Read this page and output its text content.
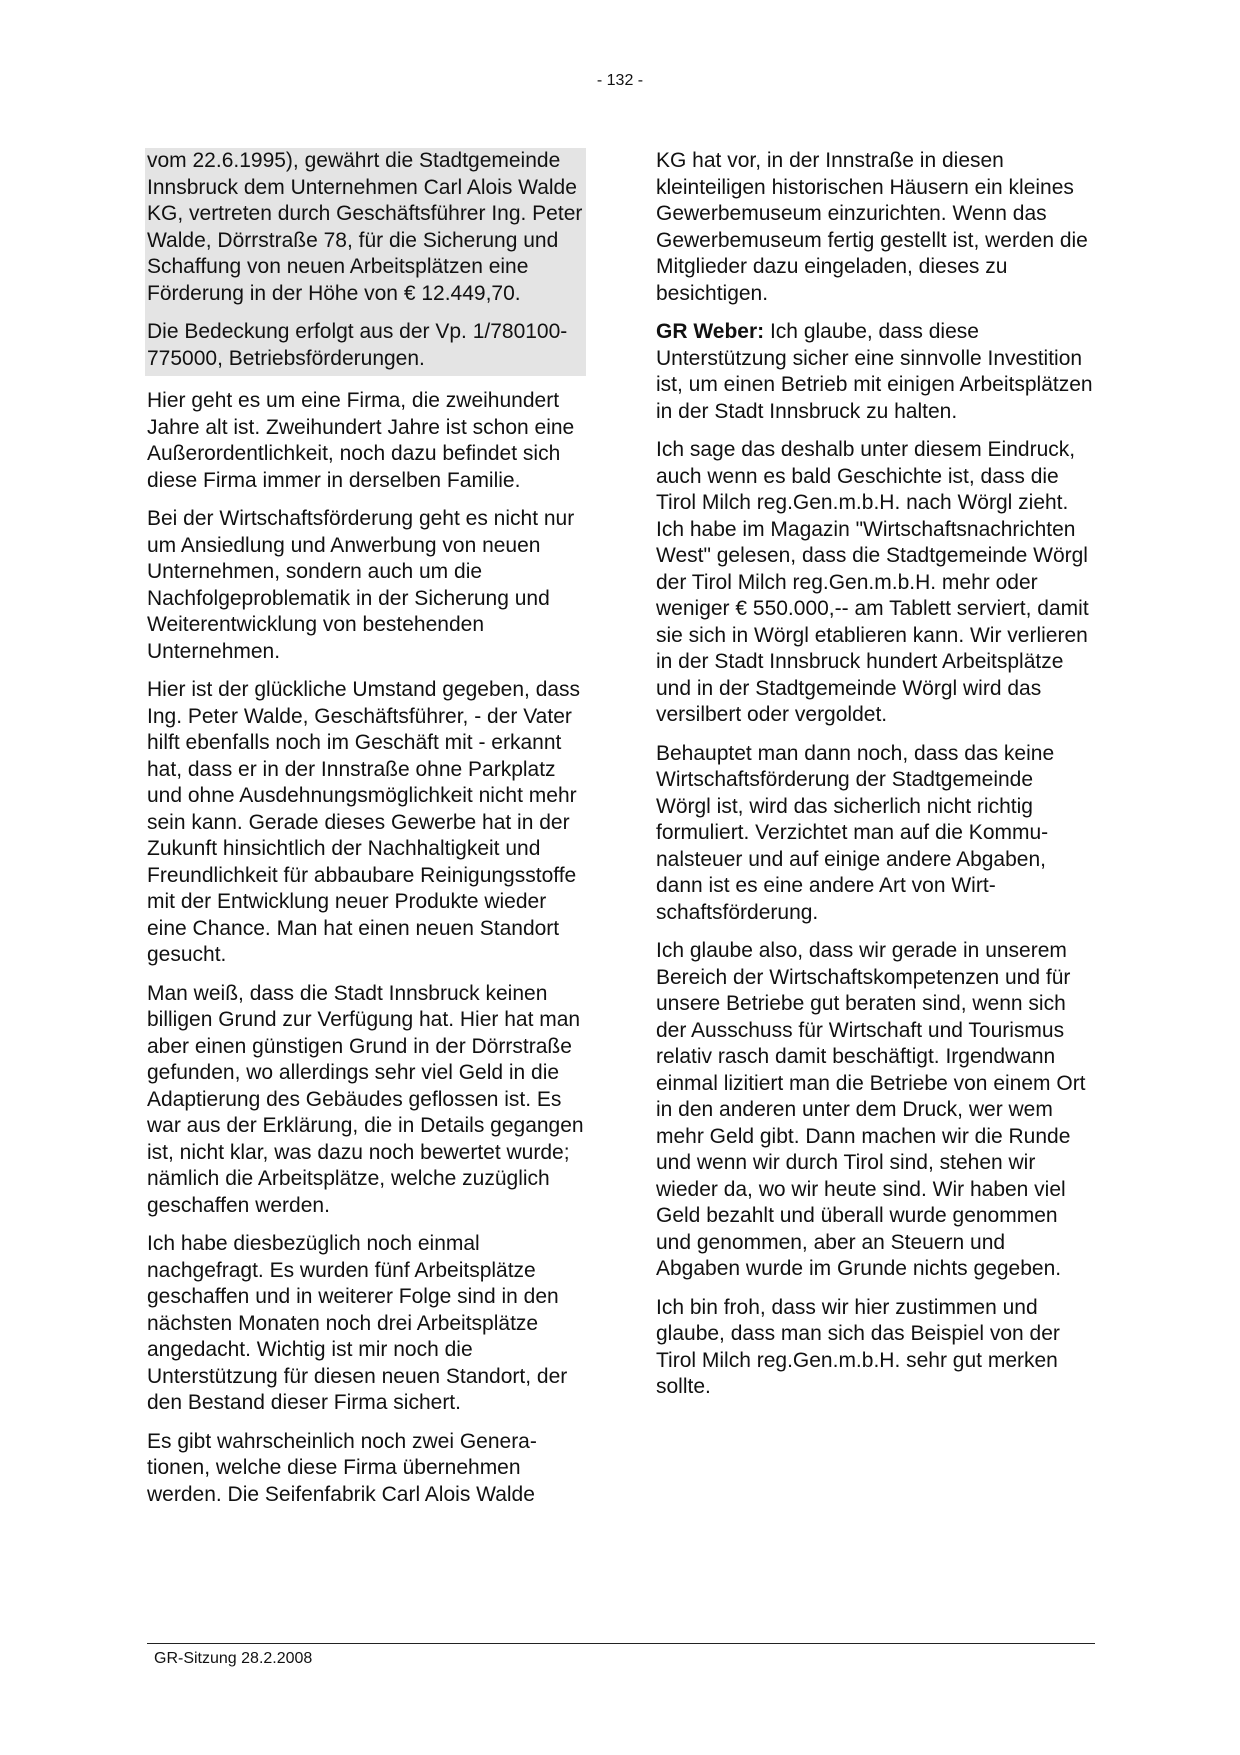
- 132 -

vom 22.6.1995), gewährt die Stadtgemeinde Innsbruck dem Unternehmen Carl Alois Walde KG, vertreten durch Geschäftsführer Ing. Peter Walde, Dörrstraße 78, für die Sicherung und Schaffung von neuen Arbeitsplätzen eine Förderung in der Höhe von € 12.449,70.

Die Bedeckung erfolgt aus der Vp. 1/780100-775000, Betriebsförderungen.

Hier geht es um eine Firma, die zweihundert Jahre alt ist. Zweihundert Jahre ist schon eine Außerordentlichkeit, noch dazu befindet sich diese Firma immer in derselben Familie.

Bei der Wirtschaftsförderung geht es nicht nur um Ansiedlung und Anwerbung von neuen Unternehmen, sondern auch um die Nachfolgeproblematik in der Sicherung und Weiterentwicklung von bestehenden Unternehmen.

Hier ist der glückliche Umstand gegeben, dass Ing. Peter Walde, Geschäftsführer, - der Vater hilft ebenfalls noch im Geschäft mit - erkannt hat, dass er in der Innstraße ohne Parkplatz und ohne Ausdehnungsmöglichkeit nicht mehr sein kann. Gerade dieses Gewerbe hat in der Zukunft hinsichtlich der Nachhaltigkeit und Freundlichkeit für abbaubare Reinigungsstoffe mit der Entwicklung neuer Produkte wieder eine Chance. Man hat einen neuen Standort gesucht.

Man weiß, dass die Stadt Innsbruck keinen billigen Grund zur Verfügung hat. Hier hat man aber einen günstigen Grund in der Dörrstraße gefunden, wo allerdings sehr viel Geld in die Adaptierung des Gebäudes geflossen ist. Es war aus der Erklärung, die in Details gegangen ist, nicht klar, was dazu noch bewertet wurde; nämlich die Arbeitsplätze, welche zuzüglich geschaffen werden.

Ich habe diesbezüglich noch einmal nachgefragt. Es wurden fünf Arbeitsplätze geschaffen und in weiterer Folge sind in den nächsten Monaten noch drei Arbeitsplätze angedacht. Wichtig ist mir noch die Unterstützung für diesen neuen Standort, der den Bestand dieser Firma sichert.

Es gibt wahrscheinlich noch zwei Generationen, welche diese Firma übernehmen werden. Die Seifenfabrik Carl Alois Walde

KG hat vor, in der Innstraße in diesen kleinteiligen historischen Häusern ein kleines Gewerbemuseum einzurichten. Wenn das Gewerbemuseum fertig gestellt ist, werden die Mitglieder dazu eingeladen, dieses zu besichtigen.

GR Weber: Ich glaube, dass diese Unterstützung sicher eine sinnvolle Investition ist, um einen Betrieb mit einigen Arbeitsplätzen in der Stadt Innsbruck zu halten.

Ich sage das deshalb unter diesem Eindruck, auch wenn es bald Geschichte ist, dass die Tirol Milch reg.Gen.m.b.H. nach Wörgl zieht. Ich habe im Magazin "Wirtschaftsnachrichten West" gelesen, dass die Stadtgemeinde Wörgl der Tirol Milch reg.Gen.m.b.H. mehr oder weniger € 550.000,-- am Tablett serviert, damit sie sich in Wörgl etablieren kann. Wir verlieren in der Stadt Innsbruck hundert Arbeitsplätze und in der Stadtgemeinde Wörgl wird das versilbert oder vergoldet.

Behauptet man dann noch, dass das keine Wirtschaftsförderung der Stadtgemeinde Wörgl ist, wird das sicherlich nicht richtig formuliert. Verzichtet man auf die Kommunalsteuer und auf einige andere Abgaben, dann ist es eine andere Art von Wirtschaftsförderung.

Ich glaube also, dass wir gerade in unserem Bereich der Wirtschaftskompetenzen und für unsere Betriebe gut beraten sind, wenn sich der Ausschuss für Wirtschaft und Tourismus relativ rasch damit beschäftigt. Irgendwann einmal lizitiert man die Betriebe von einem Ort in den anderen unter dem Druck, wer wem mehr Geld gibt. Dann machen wir die Runde und wenn wir durch Tirol sind, stehen wir wieder da, wo wir heute sind. Wir haben viel Geld bezahlt und überall wurde genommen und genommen, aber an Steuern und Abgaben wurde im Grunde nichts gegeben.

Ich bin froh, dass wir hier zustimmen und glaube, dass man sich das Beispiel von der Tirol Milch reg.Gen.m.b.H. sehr gut merken sollte.

GR-Sitzung 28.2.2008
